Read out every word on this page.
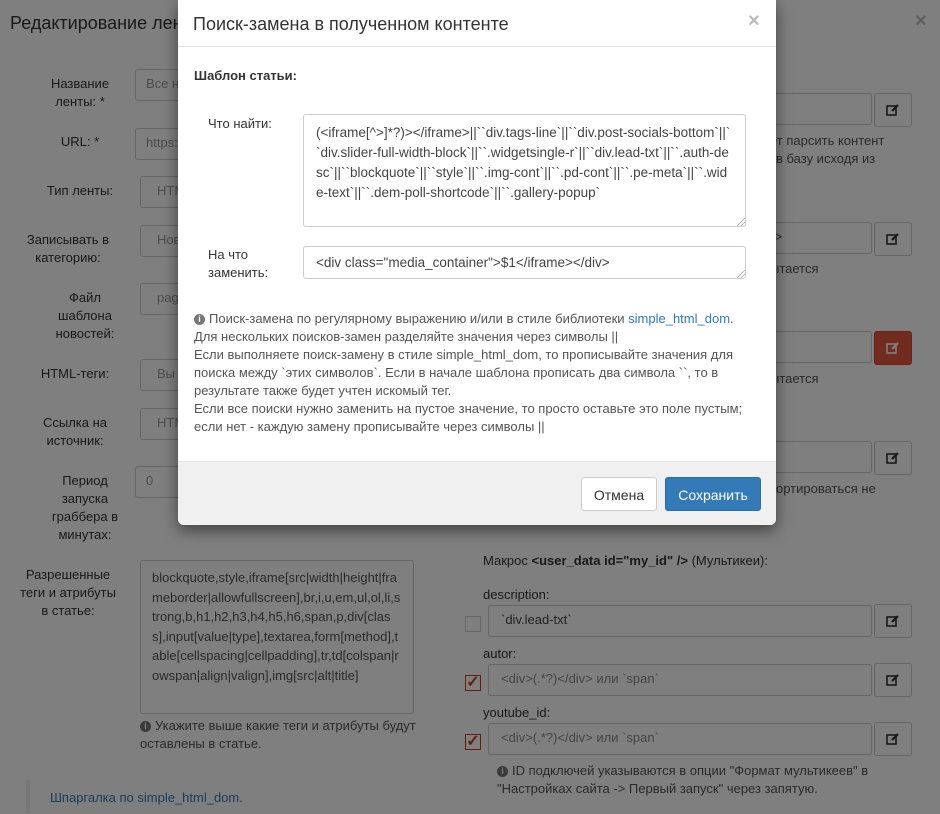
Поиск-замена в полученном контенте	×
Шаблон статьи:
Что найти:
(<iframe[^>]*?)></iframe>||``div.tags-line`||``div.post-socials-bottom`||``div.slider-full-width-block`||``.widgetsingle-r`||``div.lead-txt`||``.auth-desc`||``blockquote`||``style`||``.img-cont`||``.pd-cont`||``.pe-meta`||``.wide-text`||``.dem-poll-shortcode`||``.gallery-popup`
На что заменить:
<div class="media_container">$1</iframe></div>
i Поиск-замена по регулярному выражению и/или в стиле библиотеки simple_html_dom.
Для нескольких поисков-замен разделяйте значения через символы ||
Если выполняете поиск-замену в стиле simple_html_dom, то прописывайте значения для поиска между `этих символов`. Если в начале шаблона прописать два символа ``, то в результате также будет учтен искомый тег.
Если все поиски нужно заменить на пустое значение, то просто оставьте это поле пустым; если нет - каждую замену прописывайте через символы ||
Отмена	Сохранить
